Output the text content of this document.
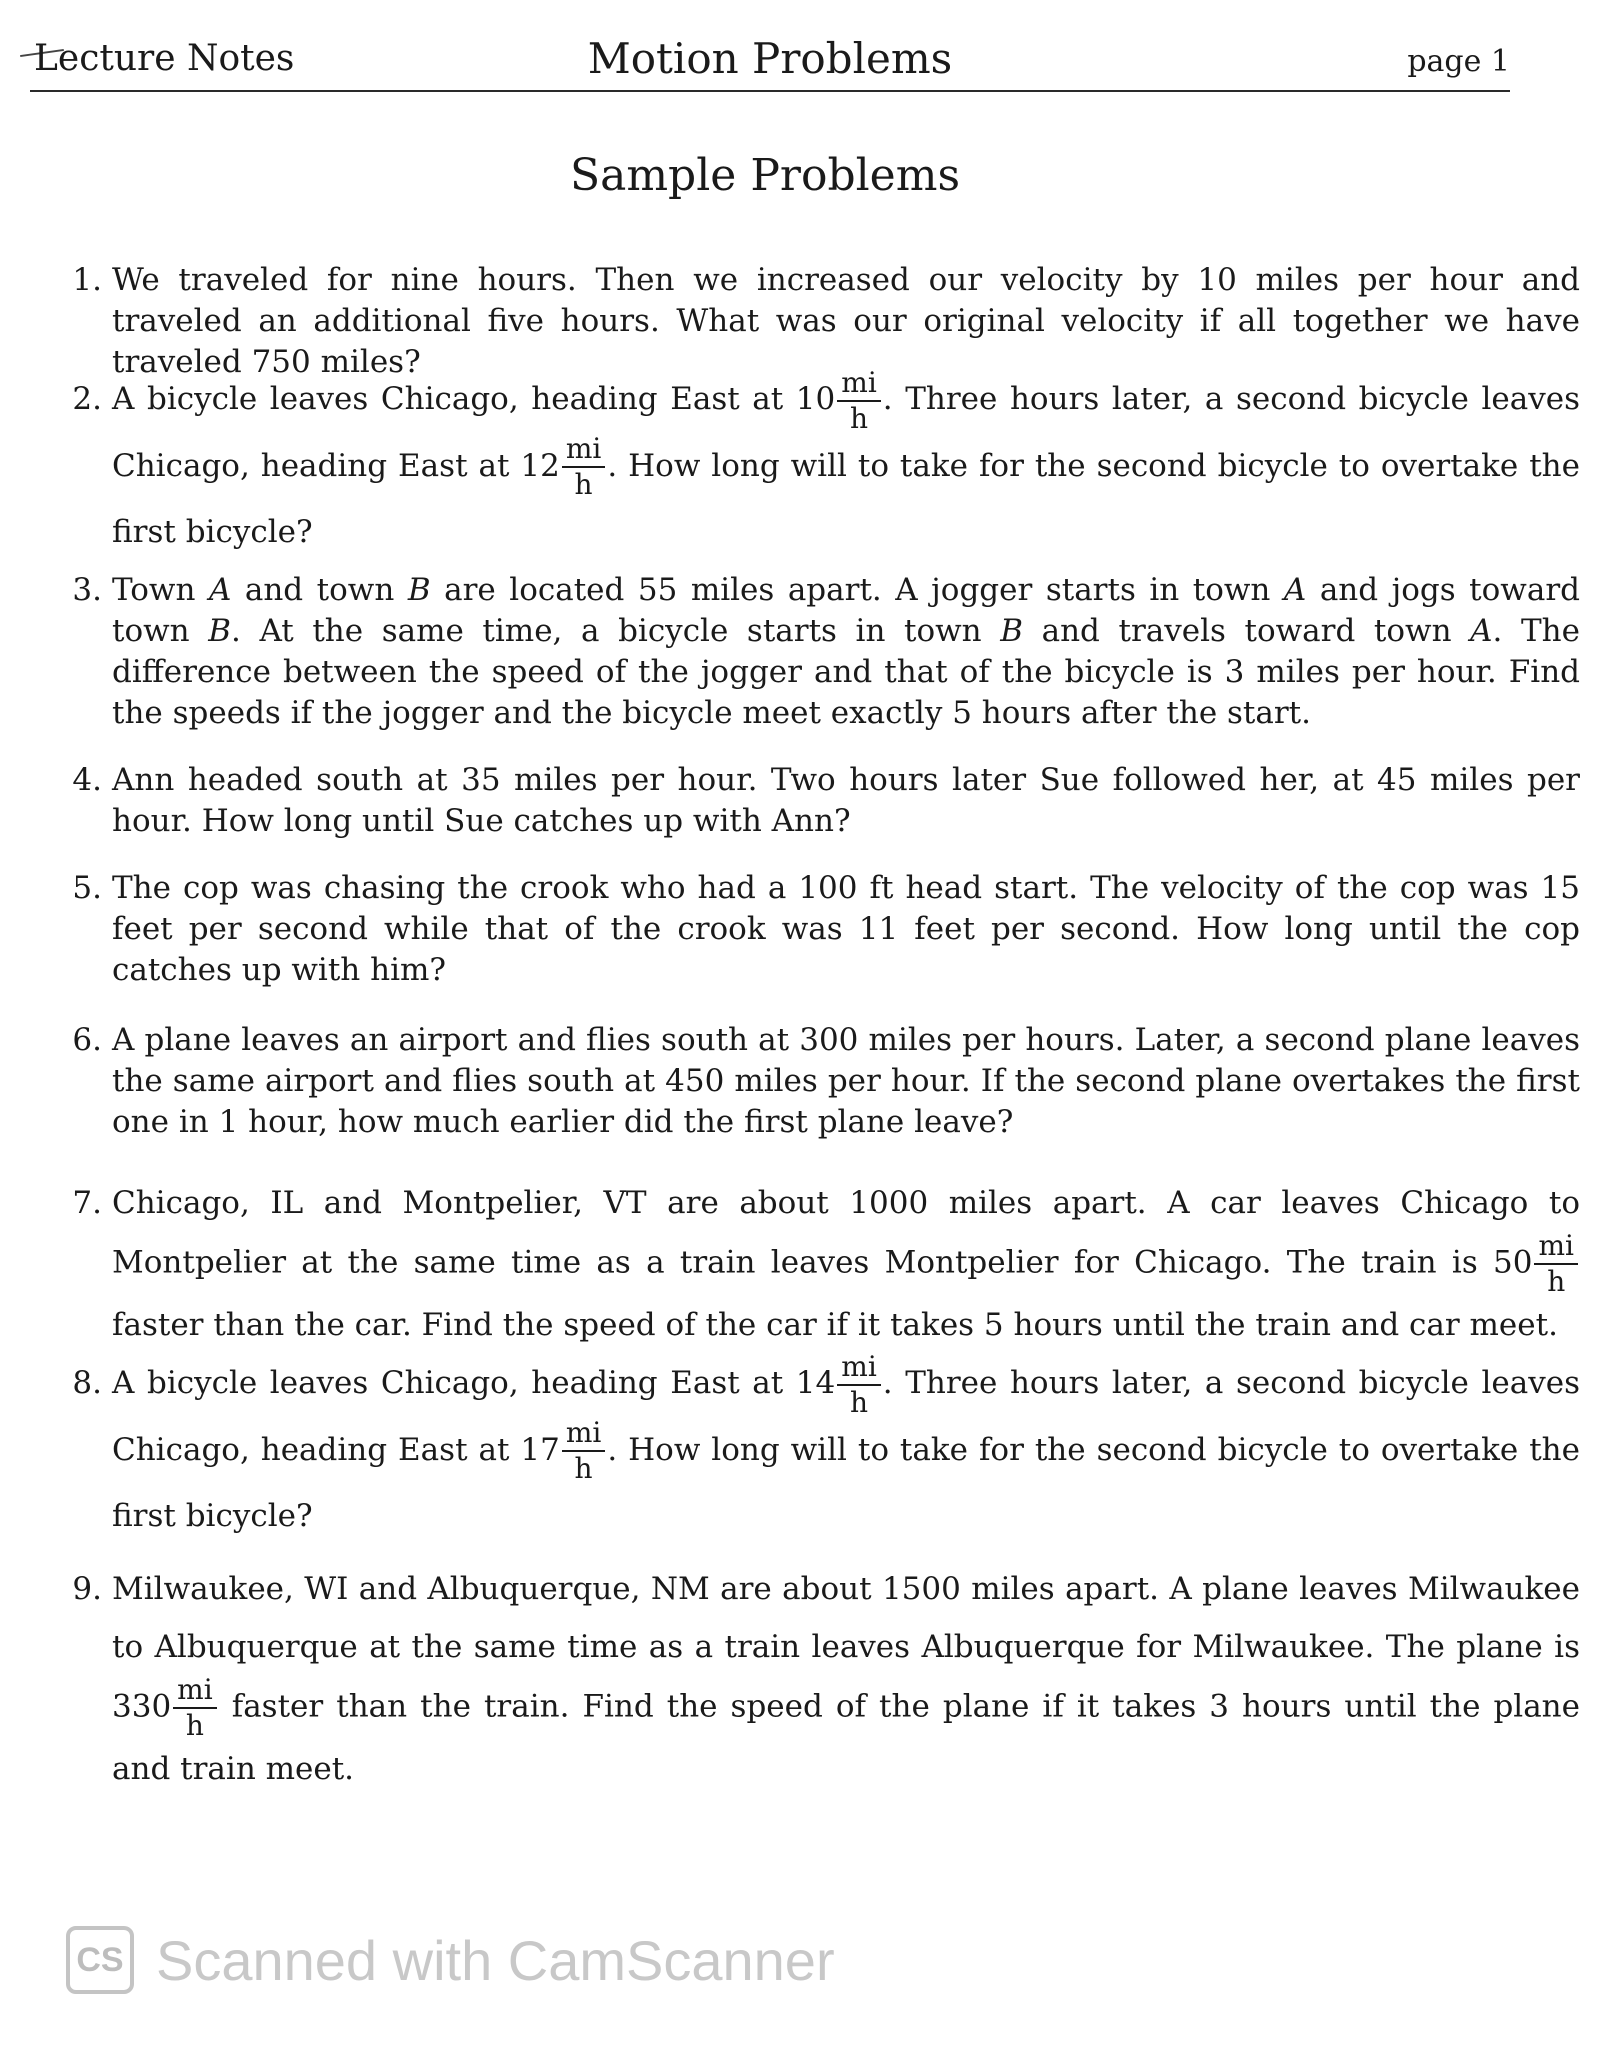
Lecture Notes	Motion Problems	page 1
Sample Problems
1. We traveled for nine hours. Then we increased our velocity by 10 miles per hour and traveled an additional five hours. What was our original velocity if all together we have traveled 750 miles?
2. A bicycle leaves Chicago, heading East at $10 \frac{mi}{h}$ . Three hours later, a second bicycle leaves Chicago, heading East at $12 \frac{mi}{h}$ . How long will to take for the second bicycle to overtake the first bicycle?
3. Town A and town B are located 55 miles apart. A jogger starts in town A and jogs toward town B. At the same time, a bicycle starts in town B and travels toward town A. The difference between the speed of the jogger and that of the bicycle is 3 miles per hour. Find the speeds if the jogger and the bicycle meet exactly 5 hours after the start.
4. Ann headed south at 35 miles per hour. Two hours later Sue followed her, at 45 miles per hour. How long until Sue catches up with Ann?
5. The cop was chasing the crook who had a 100 ft head start. The velocity of the cop was 15 feet per second while that of the crook was 11 feet per second. How long until the cop catches up with him?
6. A plane leaves an airport and flies south at 300 miles per hours. Later, a second plane leaves the same airport and flies south at 450 miles per hour. If the second plane overtakes the first one in 1 hour, how much earlier did the first plane leave?
7. Chicago, IL and Montpelier, VT are about 1000 miles apart. A car leaves Chicago to Montpelier at the same time as a train leaves Montpelier for Chicago. The train is $50 \frac{mi}{h}$
faster than the car. Find the speed of the car if it takes 5 hours until the train and car meet.
8. A bicycle leaves Chicago, heading East at $14 \frac{mi}{h}$ . Three hours later, a second bicycle leaves Chicago, heading East at $17 \frac{mi}{h}$ . How long will to take for the second bicycle to overtake the first bicycle?
9. Milwaukee, WI and Albuquerque, NM are about 1500 miles apart. A plane leaves Milwaukee to Albuquerque at the same time as a train leaves Albuquerque for Milwaukee. The plane is $330 \frac{mi}{h}$ faster than the train. Find the speed of the plane if it takes 3 hours until the plane and train meet.
CS Scanned with CamScanner
